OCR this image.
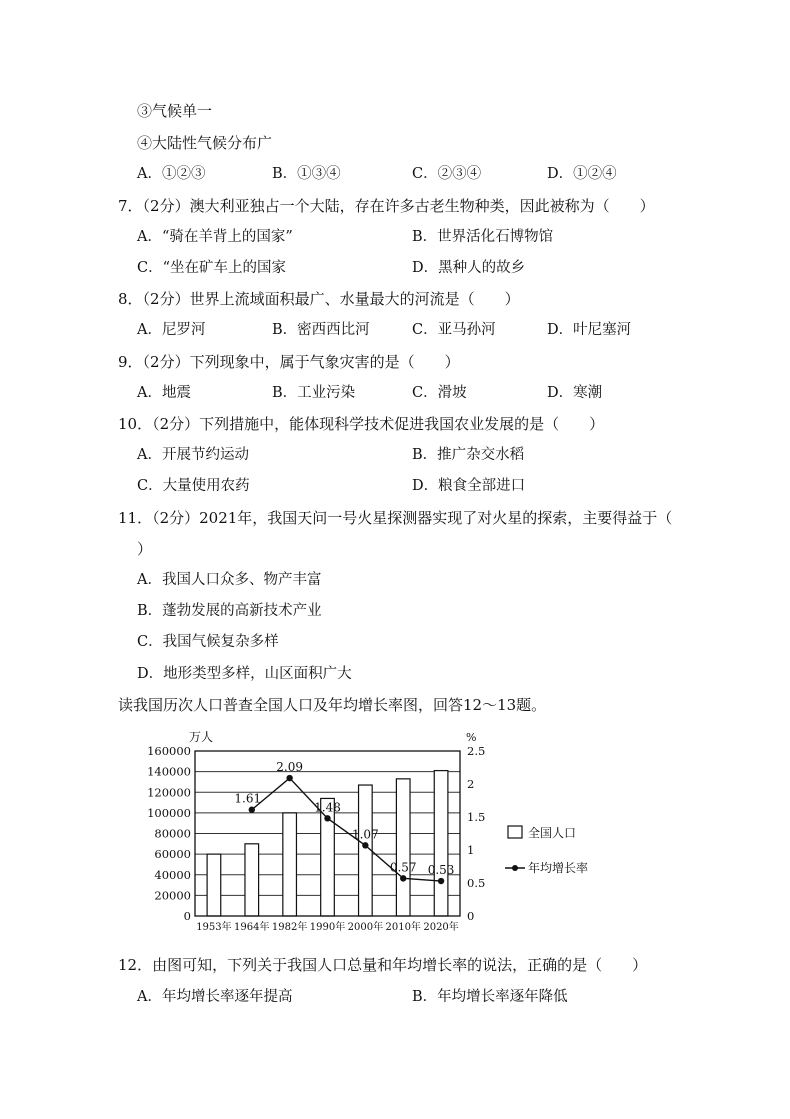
③气候单一
④大陆性气候分布广
A．①②③	B．①③④	C．②③④	D．①②④
7．（2分）澳大利亚独占一个大陆，存在许多古老生物种类，因此被称为（　　）
A．“骑在羊背上的国家”	B．世界活化石博物馆
C．“坐在矿车上的国家	D．黑种人的故乡
8．（2分）世界上流域面积最广、水量最大的河流是（　　）
A．尼罗河	B．密西西比河	C．亚马孙河	D．叶尼塞河
9．（2分）下列现象中，属于气象灾害的是（　　）
A．地震	B．工业污染	C．滑坡	D．寒潮
10．（2分）下列措施中，能体现科学技术促进我国农业发展的是（　　）
A．开展节约运动	B．推广杂交水稻
C．大量使用农药	D．粮食全部进口
11．（2分）2021年，我国天问一号火星探测器实现了对火星的探索，主要得益于（
）
A．我国人口众多、物产丰富
B．蓬勃发展的高新技术产业
C．我国气候复杂多样
D．地形类型多样，山区面积广大
读我国历次人口普查全国人口及年均增长率图，回答12～13题。
0
20000
40000
60000
80000
100000
120000
140000
160000
0
0.5
1
1.5
2
2.5
万人	%
1953年 1964年 1982年 1990年 2000年 2010年 2020年
1.61
2.09
1.48
1.07
0.57 0.53
全国人口
年均增长率
12．由图可知，下列关于我国人口总量和年均增长率的说法，正确的是（　　）
A．年均增长率逐年提高	B．年均增长率逐年降低
